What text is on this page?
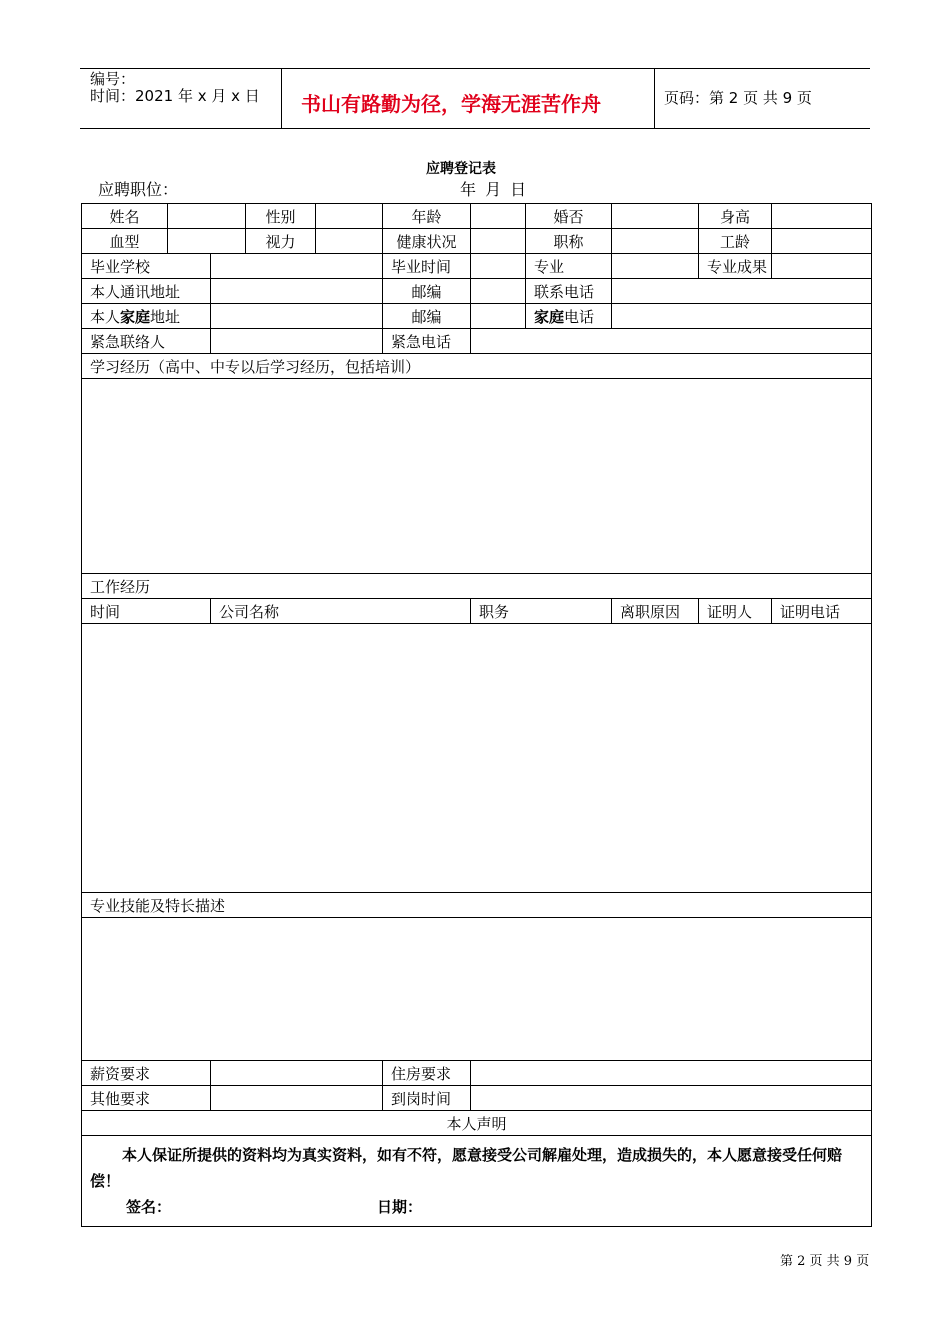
编号：
时间：2021 年 x 月 x 日 书山有路勤为径，学海无涯苦作舟	页码：第 2 页 共 9 页
应聘登记表
应聘职位：	年 月 日
姓名			性别		年龄		婚否		身高	
血型			视力		健康状况		职称		工龄	
毕业学校					毕业时间		专业		专业成果	
本人通讯地址					邮编		联系电话			
本人家庭地址					邮编		家庭电话			
紧急联络人					紧急电话					
学习经历（高中、中专以后学习经历，包括培训）										

工作经历										
时间		公司名称				职务		离职原因	证明人	证明电话

专业技能及特长描述										

薪资要求					住房要求					
其他要求					到岗时间					
本人声明										

本人保证所提供的资料均为真实资料，如有不符，愿意接受公司解雇处理，造成损失的，本人愿意接受任何赔偿！
签名： 日期：										
第 2 页 共 9 页
